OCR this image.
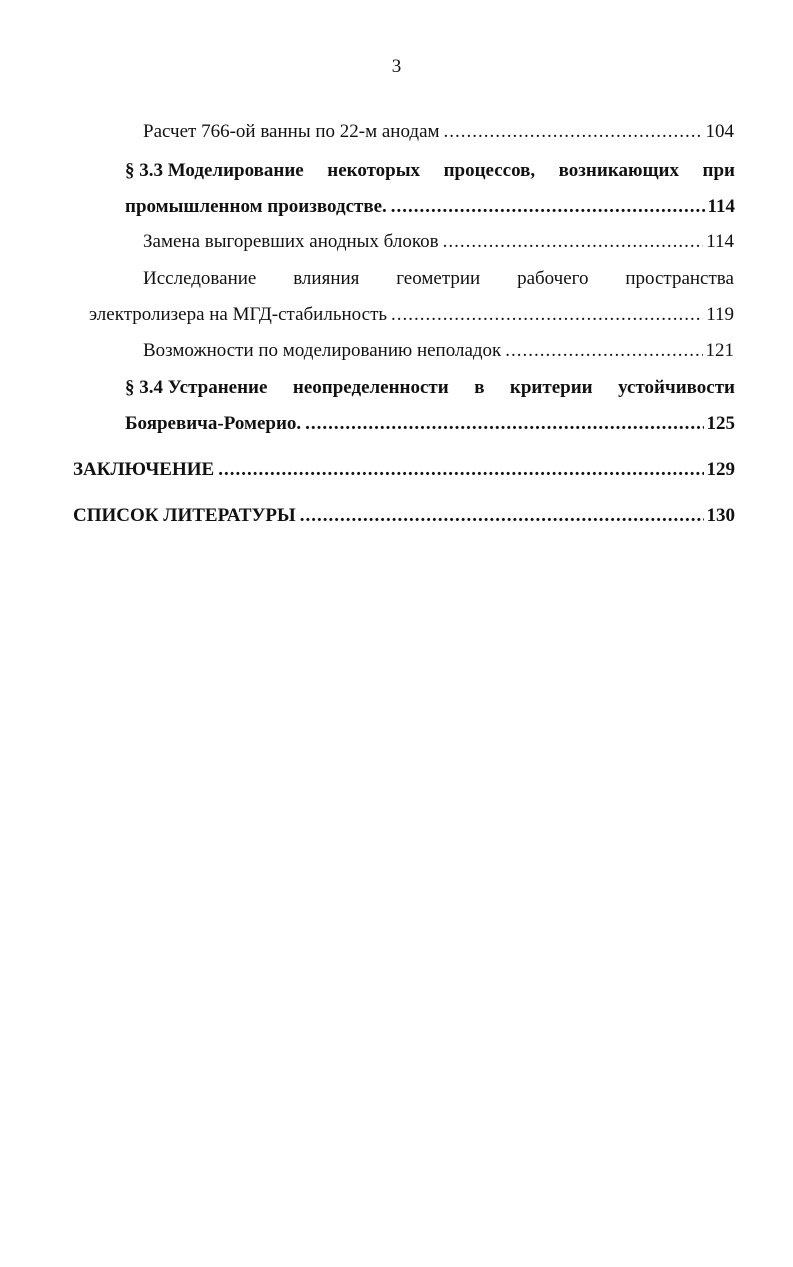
3
Расчет 766-ой ванны по 22-м анодам .....	104
§ 3.3 Моделирование некоторых процессов, возникающих при
промышленном производстве. .....	114
Замена выгоревших анодных блоков .....	114
Исследование влияния геометрии рабочего пространства
электролизера на МГД-стабильность .....	119
Возможности по моделированию неполадок .....	121
§ 3.4 Устранение неопределенности в критерии устойчивости
Бояревича-Ромерио. .....	125
ЗАКЛЮЧЕНИЕ .....	129
СПИСОК ЛИТЕРАТУРЫ .....	130
